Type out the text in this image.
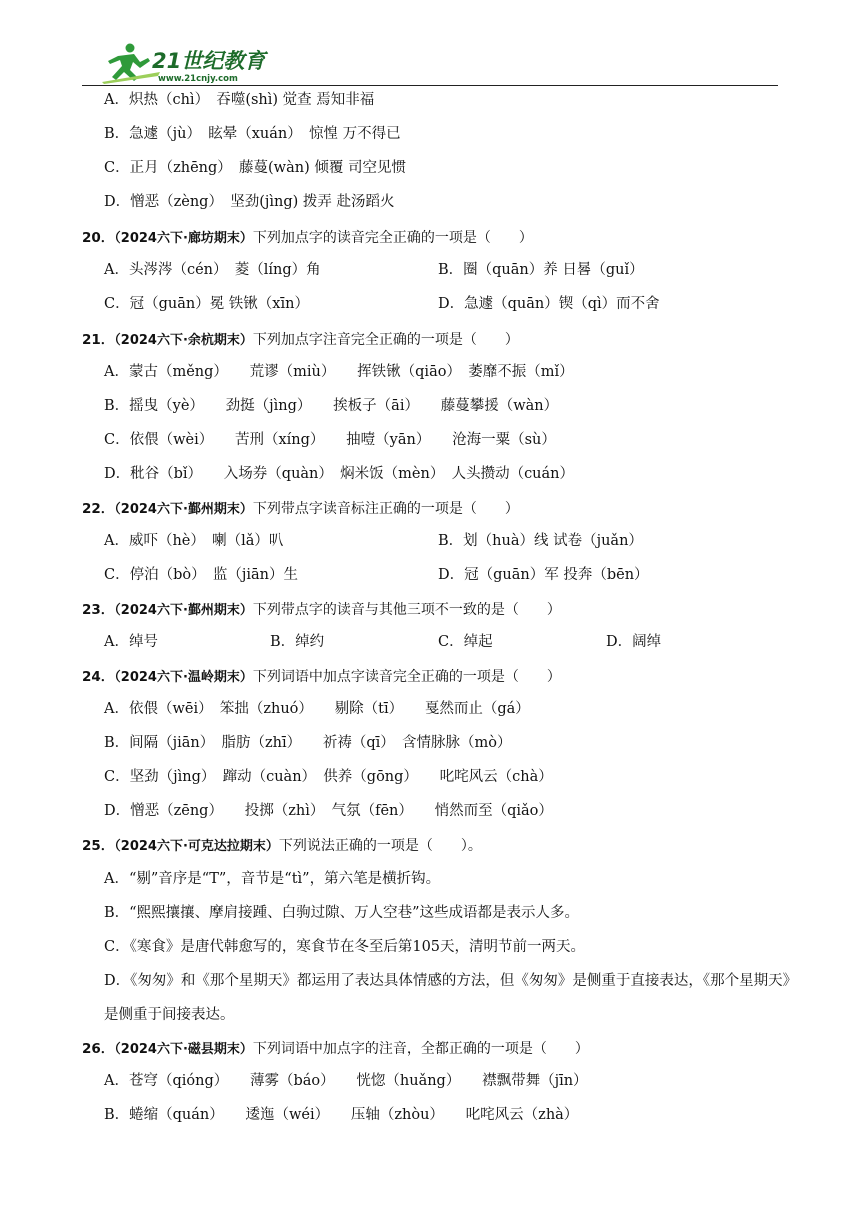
21世纪教育
www.21cnjy.com
A．炽热（chì）　吞噬(shì) 觉查 焉知非福
B．急遽（jù）　眩晕（xuán）　惊惶 万不得已
C．正月（zhēng）　藤蔓(wàn) 倾覆 司空见惯
D．憎恶（zèng）　坚劲(jìng) 拨弄 赴汤蹈火
20．（2024六下·廊坊期末）下列加点字的读音完全正确的一项是（　　）
A．头涔涔（cén）　菱（líng）角	B．圈（quān）养 日晷（guǐ）
C．冠（guān）冕 铁锹（xīn）	D．急遽（quān）锲（qì）而不舍
21．（2024六下·余杭期末）下列加点字注音完全正确的一项是（　　）
A．蒙古（měng）　　荒谬（miù）　　挥铁锹（qiāo）　萎靡不振（mǐ）
B．摇曳（yè）　　劲挺（jìng）　　挨板子（āi）　　藤蔓攀援（wàn）
C．依偎（wèi）　　苦刑（xíng）　　抽噎（yān）　　沧海一粟（sù）
D．秕谷（bǐ）　　入场券（quàn）　焖米饭（mèn）　人头攒动（cuán）
22．（2024六下·鄞州期末）下列带点字读音标注正确的一项是（　　）
A．威吓（hè）　喇（lǎ）叭	B．划（huà）线 试卷（juǎn）
C．停泊（bò）　监（jiān）生	D．冠（guān）军 投奔（bēn）
23．（2024六下·鄞州期末）下列带点字的读音与其他三项不一致的是（　　）
A．绰号	B．绰约	C．绰起	D．阔绰
24．（2024六下·温岭期末）下列词语中加点字读音完全正确的一项是（　　）
A．依偎（wēi）　笨拙（zhuó）　　剔除（tī）　　戛然而止（gá）
B．间隔（jiān）　脂肪（zhī）　　祈祷（qī）　含情脉脉（mò）
C．坚劲（jìng）　蹿动（cuàn）　供养（gōng）　　叱咤风云（chà）
D．憎恶（zēng）　　投掷（zhì）　气氛（fēn）　　悄然而至（qiǎo）
25．（2024六下·可克达拉期末）下列说法正确的一项是（　　）。
A．“剔”音序是“T”，音节是“tì”，第六笔是横折钩。
B．“熙熙攘攘、摩肩接踵、白驹过隙、万人空巷”这些成语都是表示人多。
C．《寒食》是唐代韩愈写的，寒食节在冬至后第105天，清明节前一两天。
D．《匆匆》和《那个星期天》都运用了表达具体情感的方法，但《匆匆》是侧重于直接表达，《那个星期天》是侧重于间接表达。
26．（2024六下·磁县期末）下列词语中加点字的注音，全都正确的一项是（　　）
A．苍穹（qióng）　　薄雾（báo）　　恍惚（huǎng）　　襟飘带舞（jīn）
B．蜷缩（quán）　　逶迤（wéi）　　压轴（zhòu）　　叱咤风云（zhà）
